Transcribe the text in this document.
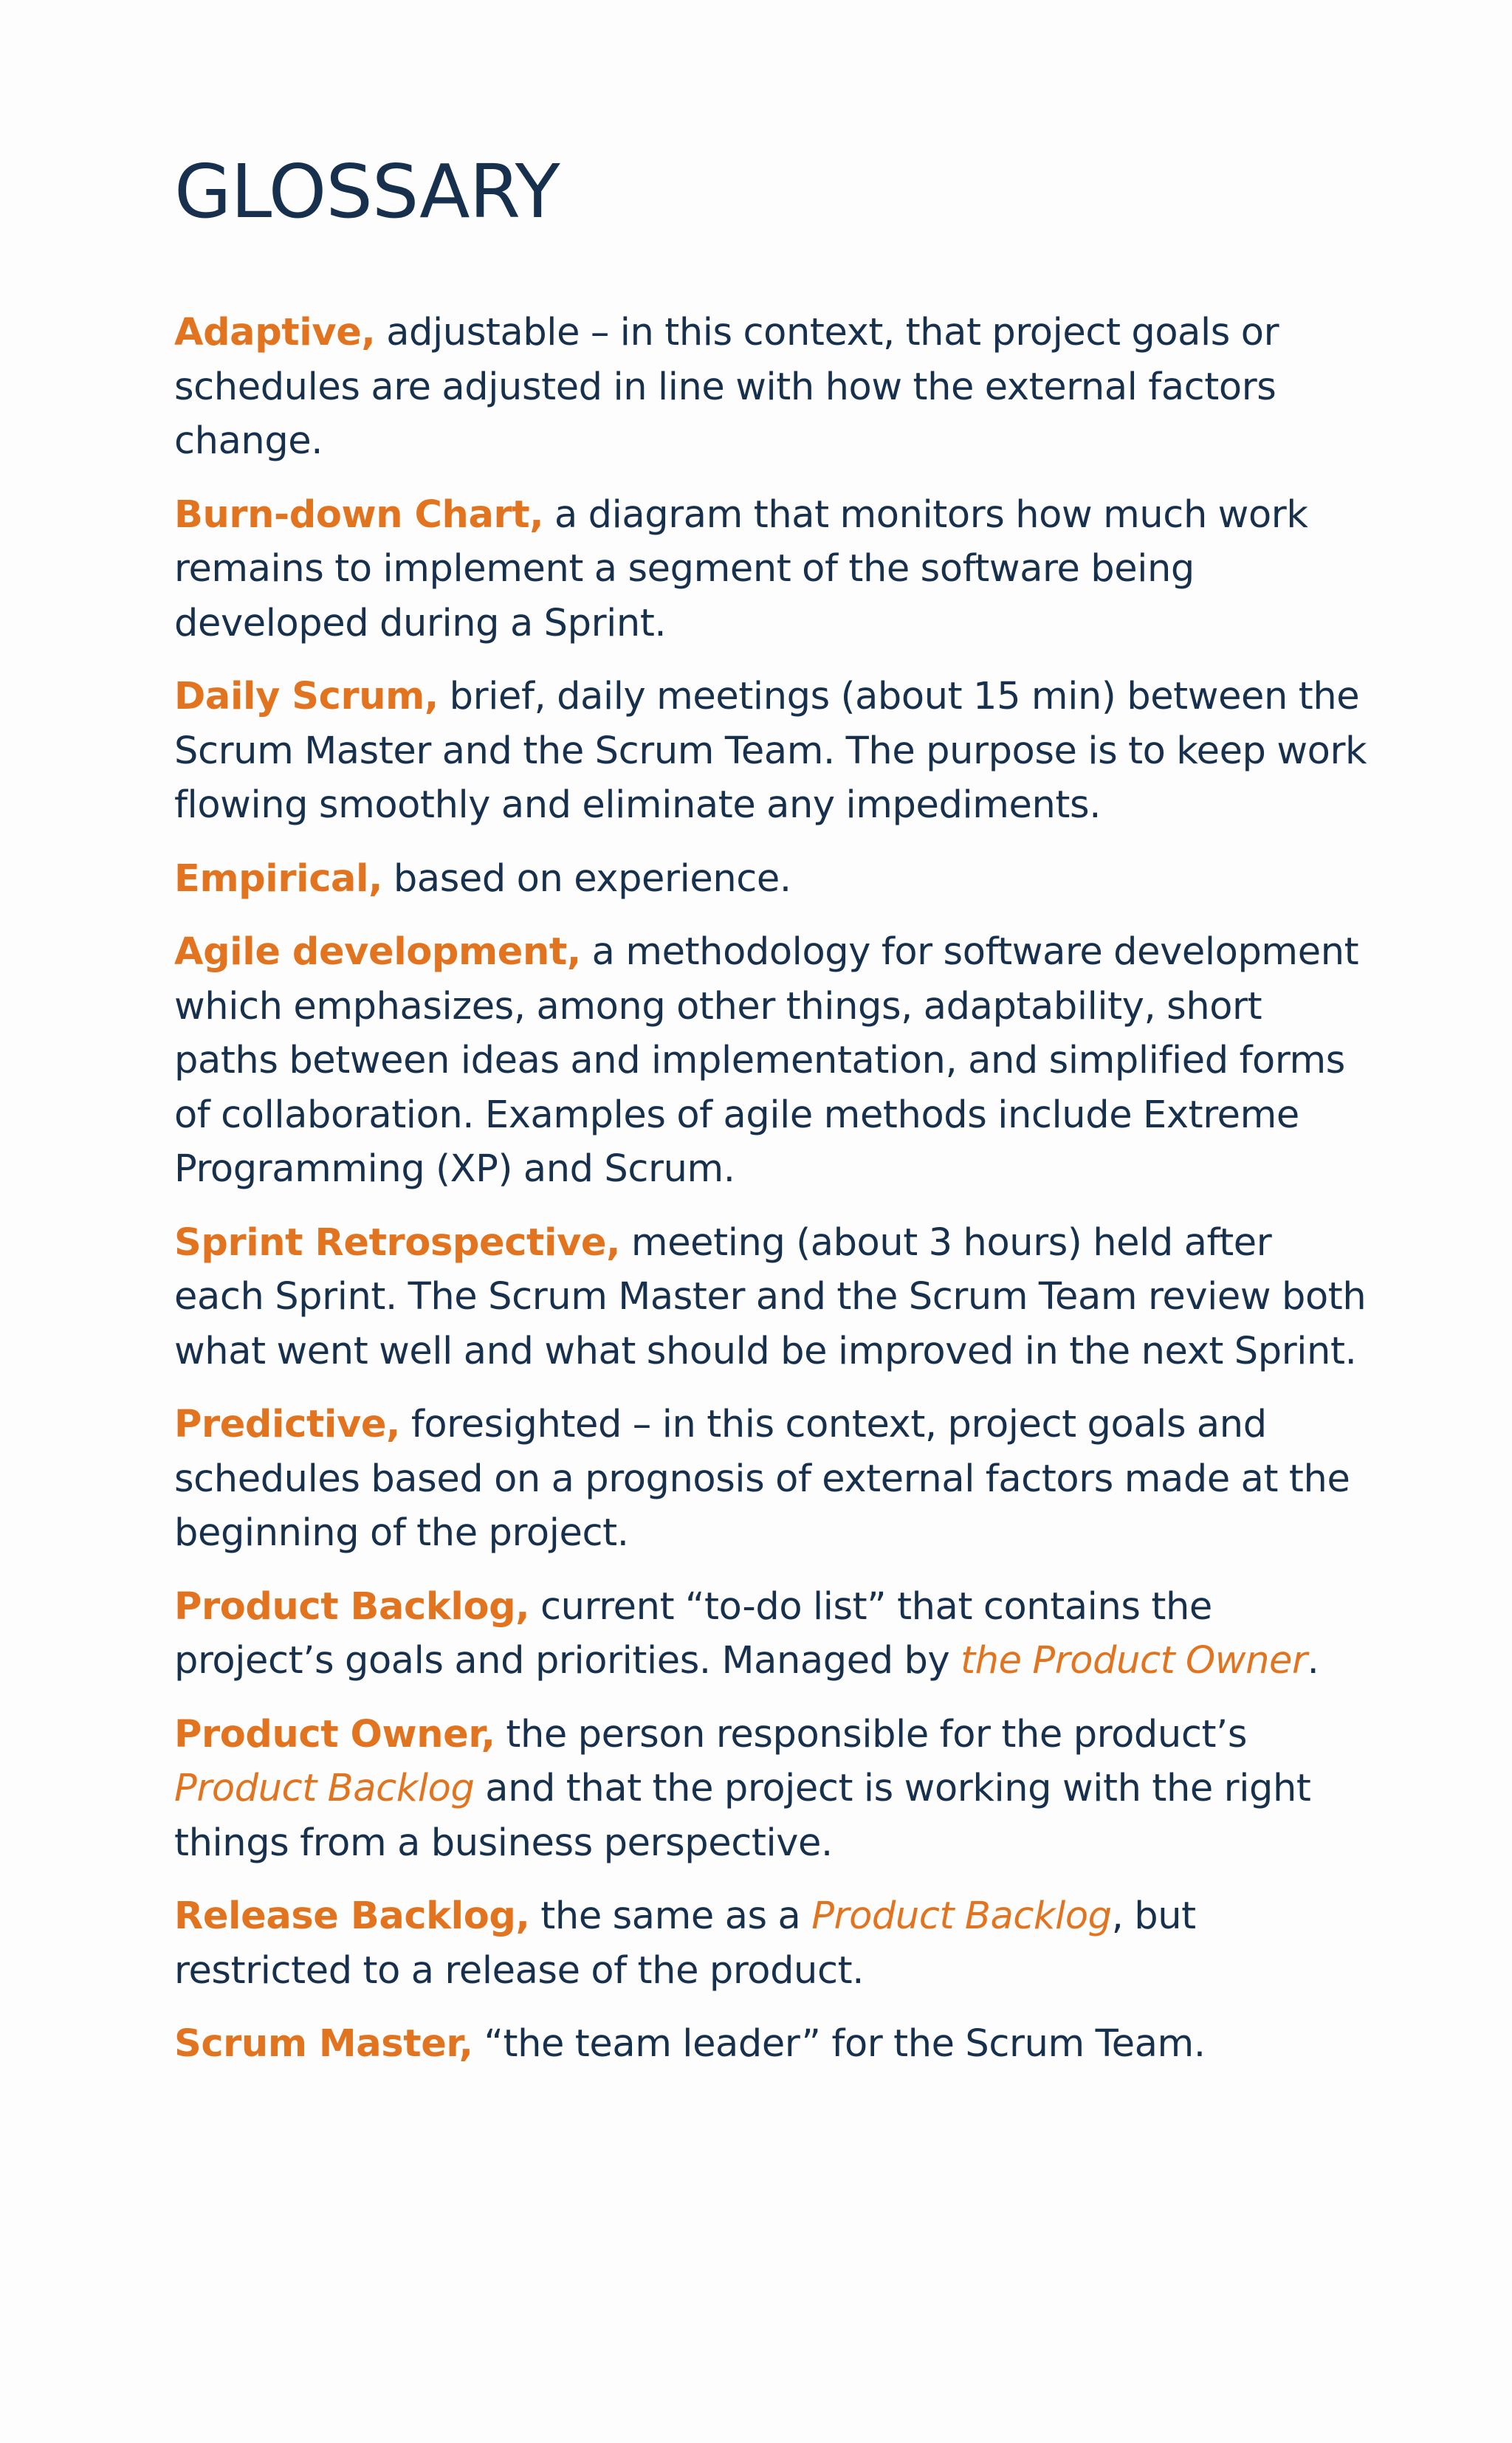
GLOSSARY

Adaptive, adjustable – in this context, that project goals or schedules are adjusted in line with how the external factors change.

Burn-down Chart, a diagram that monitors how much work remains to implement a segment of the software being developed during a Sprint.

Daily Scrum, brief, daily meetings (about 15 min) between the Scrum Master and the Scrum Team. The purpose is to keep work flowing smoothly and eliminate any impediments.

Empirical, based on experience.

Agile development, a methodology for software development which emphasizes, among other things, adaptability, short paths between ideas and implementation, and simplified forms of collaboration. Examples of agile methods include Extreme Programming (XP) and Scrum.

Sprint Retrospective, meeting (about 3 hours) held after each Sprint. The Scrum Master and the Scrum Team review both what went well and what should be improved in the next Sprint.

Predictive, foresighted – in this context, project goals and schedules based on a prognosis of external factors made at the beginning of the project.

Product Backlog, current “to-do list” that contains the project’s goals and priorities. Managed by the Product Owner.

Product Owner, the person responsible for the product’s Product Backlog and that the project is working with the right things from a business perspective.

Release Backlog, the same as a Product Backlog, but restricted to a release of the product.

Scrum Master, “the team leader” for the Scrum Team.
